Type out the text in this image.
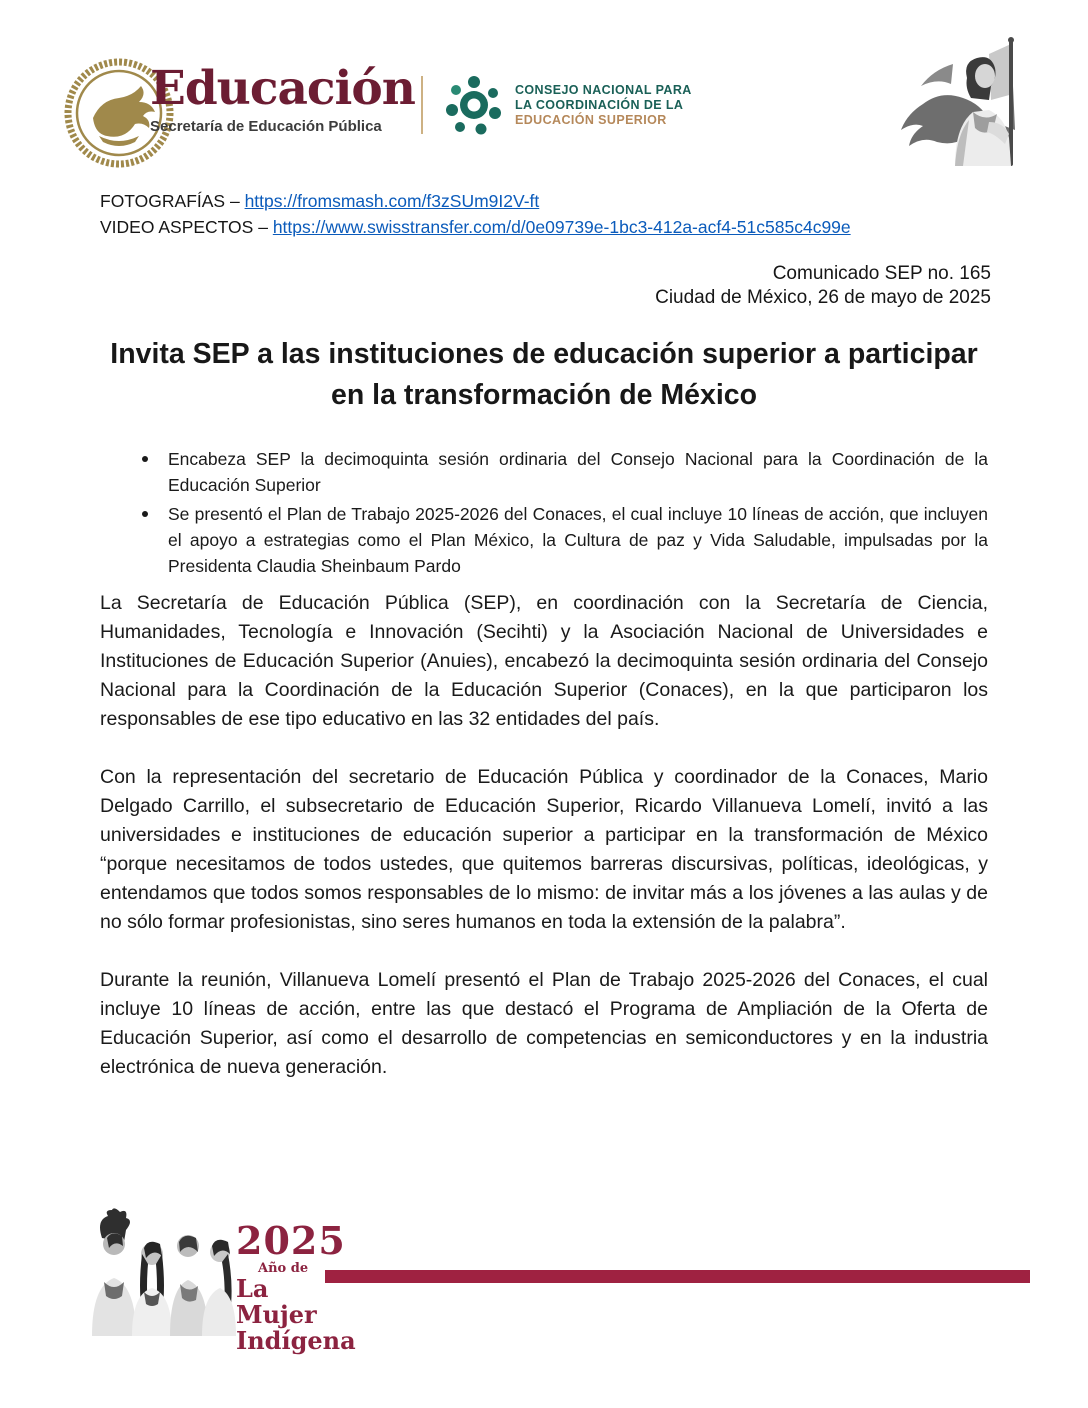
Educación
Secretaría de Educación Pública
CONSEJO NACIONAL PARA
LA COORDINACIÓN DE LA
EDUCACIÓN SUPERIOR
FOTOGRAFÍAS – https://fromsmash.com/f3zSUm9I2V-ft
VIDEO ASPECTOS – https://www.swisstransfer.com/d/0e09739e-1bc3-412a-acf4-51c585c4c99e
Comunicado SEP no. 165
Ciudad de México, 26 de mayo de 2025
Invita SEP a las instituciones de educación superior a participar en la transformación de México
Encabeza SEP la decimoquinta sesión ordinaria del Consejo Nacional para la Coordinación de la Educación Superior
Se presentó el Plan de Trabajo 2025-2026 del Conaces, el cual incluye 10 líneas de acción, que incluyen el apoyo a estrategias como el Plan México, la Cultura de paz y Vida Saludable, impulsadas por la Presidenta Claudia Sheinbaum Pardo

La Secretaría de Educación Pública (SEP), en coordinación con la Secretaría de Ciencia, Humanidades, Tecnología e Innovación (Secihti) y la Asociación Nacional de Universidades e Instituciones de Educación Superior (Anuies), encabezó la decimoquinta sesión ordinaria del Consejo Nacional para la Coordinación de la Educación Superior (Conaces), en la que participaron los responsables de ese tipo educativo en las 32 entidades del país.

Con la representación del secretario de Educación Pública y coordinador de la Conaces, Mario Delgado Carrillo, el subsecretario de Educación Superior, Ricardo Villanueva Lomelí, invitó a las universidades e instituciones de educación superior a participar en la transformación de México “porque necesitamos de todos ustedes, que quitemos barreras discursivas, políticas, ideológicas, y entendamos que todos somos responsables de lo mismo: de invitar más a los jóvenes a las aulas y de no sólo formar profesionistas, sino seres humanos en toda la extensión de la palabra”.

Durante la reunión, Villanueva Lomelí presentó el Plan de Trabajo 2025-2026 del Conaces, el cual incluye 10 líneas de acción, entre las que destacó el Programa de Ampliación de la Oferta de Educación Superior, así como el desarrollo de competencias en semiconductores y en la industria electrónica de nueva generación.

2025
Año de
La Mujer
Indígena
